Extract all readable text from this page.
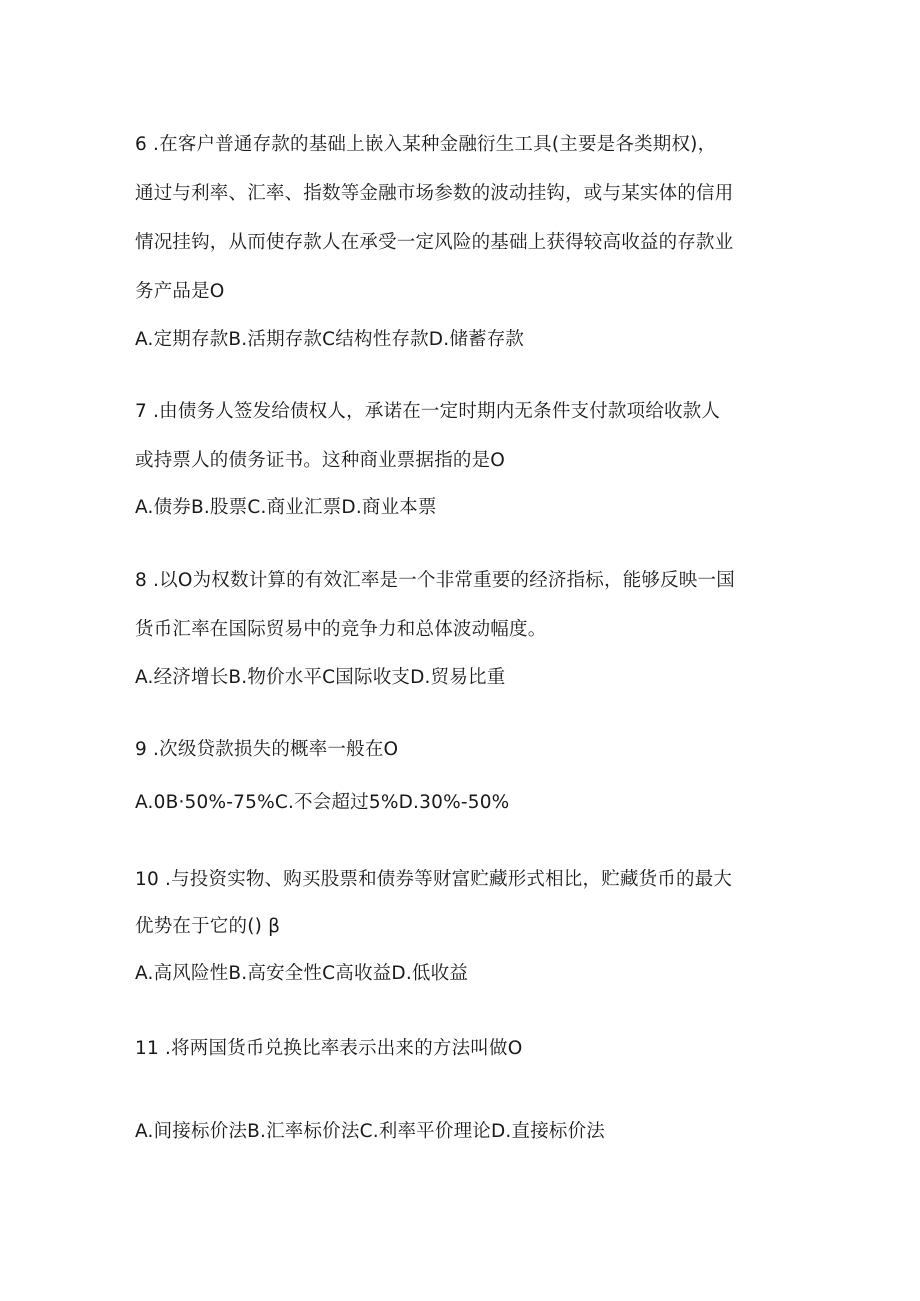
6 .在客户普通存款的基础上嵌入某种金融衍生工具(主要是各类期权)，
通过与利率、汇率、指数等金融市场参数的波动挂钩，或与某实体的信用
情况挂钩，从而使存款人在承受一定风险的基础上获得较高收益的存款业
务产品是O
A.定期存款B.活期存款C结构性存款D.储蓄存款
7 .由债务人签发给债权人，承诺在一定时期内无条件支付款项给收款人
或持票人的债务证书。这种商业票据指的是O
A.债券B.股票C.商业汇票D.商业本票
8 .以O为权数计算的有效汇率是一个非常重要的经济指标，能够反映一国
货币汇率在国际贸易中的竞争力和总体波动幅度。
A.经济增长B.物价水平C国际收支D.贸易比重
9 .次级贷款损失的概率一般在O
A.0B·50%-75%C.不会超过5%D.30%-50%
10 .与投资实物、购买股票和债券等财富贮藏形式相比，贮藏货币的最大
优势在于它的() β
A.高风险性B.高安全性C高收益D.低收益
11 .将两国货币兑换比率表示出来的方法叫做O
A.间接标价法B.汇率标价法C.利率平价理论D.直接标价法
